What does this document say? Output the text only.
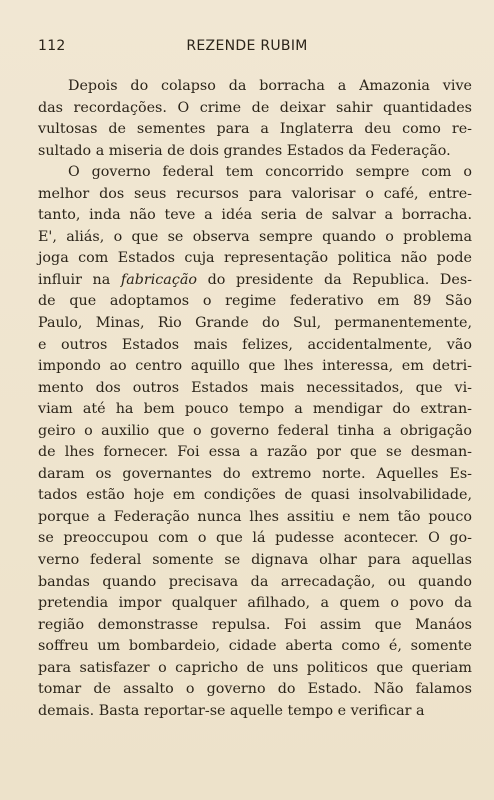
112	REZENDE RUBIM
Depois do colapso da borracha a Amazonia vive
das recordações. O crime de deixar sahir quantidades
vultosas de sementes para a Inglaterra deu como re-
sultado a miseria de dois grandes Estados da Federação.
O governo federal tem concorrido sempre com o
melhor dos seus recursos para valorisar o café, entre-
tanto, inda não teve a idéa seria de salvar a borracha.
E', aliás, o que se observa sempre quando o problema
joga com Estados cuja representação politica não pode
influir na fabricação do presidente da Republica. Des-
de que adoptamos o regime federativo em 89 São
Paulo, Minas, Rio Grande do Sul, permanentemente,
e outros Estados mais felizes, accidentalmente, vão
impondo ao centro aquillo que lhes interessa, em detri-
mento dos outros Estados mais necessitados, que vi-
viam até ha bem pouco tempo a mendigar do extran-
geiro o auxilio que o governo federal tinha a obrigação
de lhes fornecer. Foi essa a razão por que se desman-
daram os governantes do extremo norte. Aquelles Es-
tados estão hoje em condições de quasi insolvabilidade,
porque a Federação nunca lhes assitiu e nem tão pouco
se preoccupou com o que lá pudesse acontecer. O go-
verno federal somente se dignava olhar para aquellas
bandas quando precisava da arrecadação, ou quando
pretendia impor qualquer afilhado, a quem o povo da
região demonstrasse repulsa. Foi assim que Manáos
soffreu um bombardeio, cidade aberta como é, somente
para satisfazer o capricho de uns politicos que queriam
tomar de assalto o governo do Estado. Não falamos
demais. Basta reportar-se aquelle tempo e verificar a
